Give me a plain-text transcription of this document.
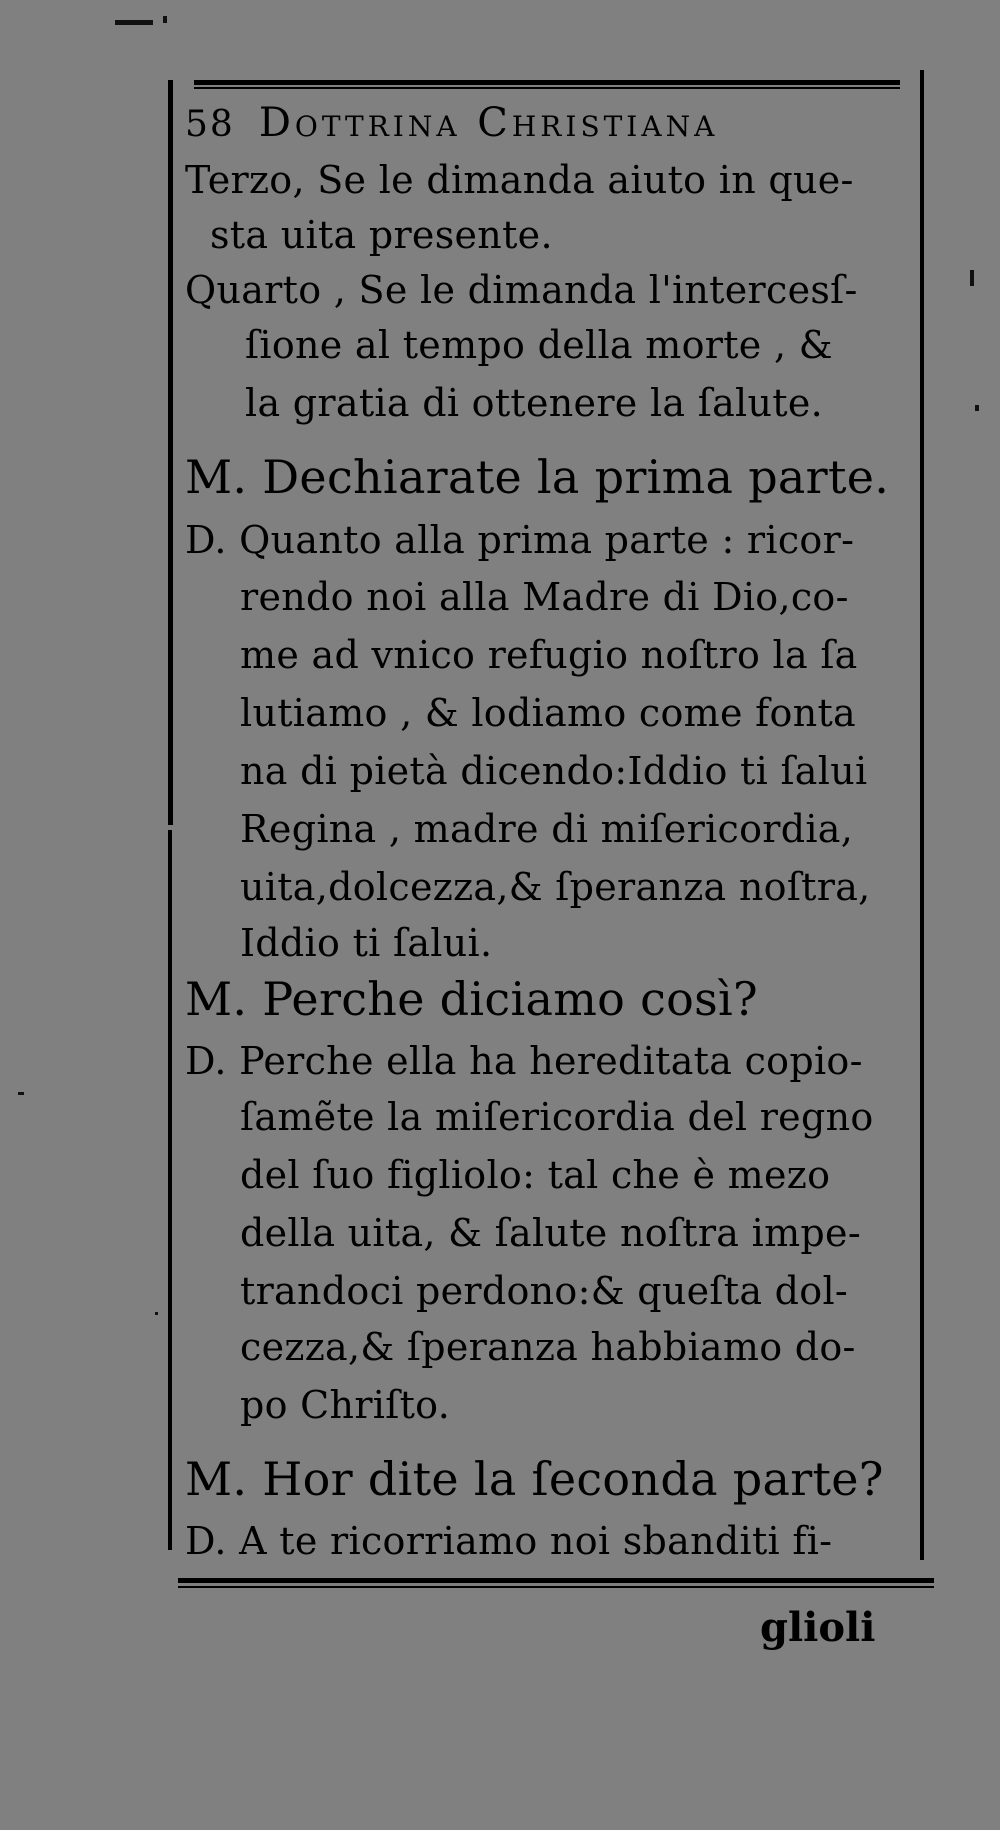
58 Dottrina Christiana
Terzo, Se le dimanda aiuto in que-
sta uita presente.
Quarto , Se le dimanda l'intercesſ-
ſione al tempo della morte , &
la gratia di ottenere la ſalute.
M. Dechiarate la prima parte.
D. Quanto alla prima parte : ricor-
rendo noi alla Madre di Dio,co-
me ad vnico refugio noſtro la ſa
lutiamo , & lodiamo come fonta
na di pietà dicendo:Iddio ti ſalui
Regina , madre di miſericordia,
uita,dolcezza,& ſperanza noſtra,
Iddio ti ſalui.
M. Perche diciamo così?
D. Perche ella ha hereditata copio-
ſamẽte la miſericordia del regno
del ſuo figliolo: tal che è mezo
della uita, & ſalute noſtra impe-
trandoci perdono:& queſta dol-
cezza,& ſperanza habbiamo do-
po Chriſto.
M. Hor dite la ſeconda parte?
D. A te ricorriamo noi sbanditi fi-
glioli
